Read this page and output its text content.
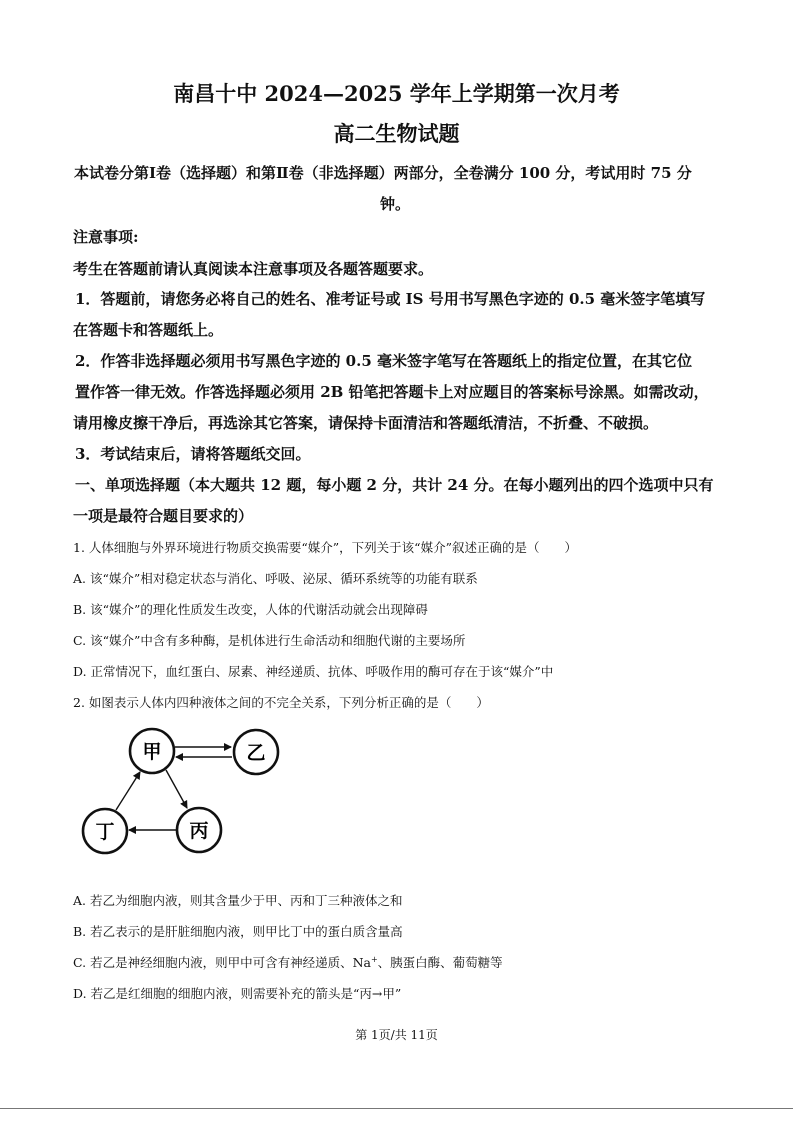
南昌十中 2024—2025 学年上学期第一次月考
高二生物试题
本试卷分第Ⅰ卷（选择题）和第Ⅱ卷（非选择题）两部分，全卷满分 100 分，考试用时 75 分
钟。
注意事项:
考生在答题前请认真阅读本注意事项及各题答题要求。
1．答题前，请您务必将自己的姓名、准考证号或 IS 号用书写黑色字迹的 0.5 毫米签字笔填写
在答题卡和答题纸上。
2．作答非选择题必须用书写黑色字迹的 0.5 毫米签字笔写在答题纸上的指定位置，在其它位
置作答一律无效。作答选择题必须用 2B 铅笔把答题卡上对应题目的答案标号涂黑。如需改动，
请用橡皮擦干净后，再选涂其它答案，请保持卡面清洁和答题纸清洁，不折叠、不破损。
3．考试结束后，请将答题纸交回。
一、单项选择题（本大题共 12 题，每小题 2 分，共计 24 分。在每小题列出的四个选项中只有
一项是最符合题目要求的）
1. 人体细胞与外界环境进行物质交换需要“媒介”，下列关于该“媒介”叙述正确的是（　　）
A. 该“媒介”相对稳定状态与消化、呼吸、泌尿、循环系统等的功能有联系
B. 该“媒介”的理化性质发生改变，人体的代谢活动就会出现障碍
C. 该“媒介”中含有多种酶，是机体进行生命活动和细胞代谢的主要场所
D. 正常情况下，血红蛋白、尿素、神经递质、抗体、呼吸作用的酶可存在于该“媒介”中
2. 如图表示人体内四种液体之间的不完全关系，下列分析正确的是（　　）
甲	乙
丁	丙
A. 若乙为细胞内液，则其含量少于甲、丙和丁三种液体之和
B. 若乙表示的是肝脏细胞内液，则甲比丁中的蛋白质含量高
C. 若乙是神经细胞内液，则甲中可含有神经递质、Na+、胰蛋白酶、葡萄糖等
D. 若乙是红细胞的细胞内液，则需要补充的箭头是“丙→甲”
第 1页/共 11页
